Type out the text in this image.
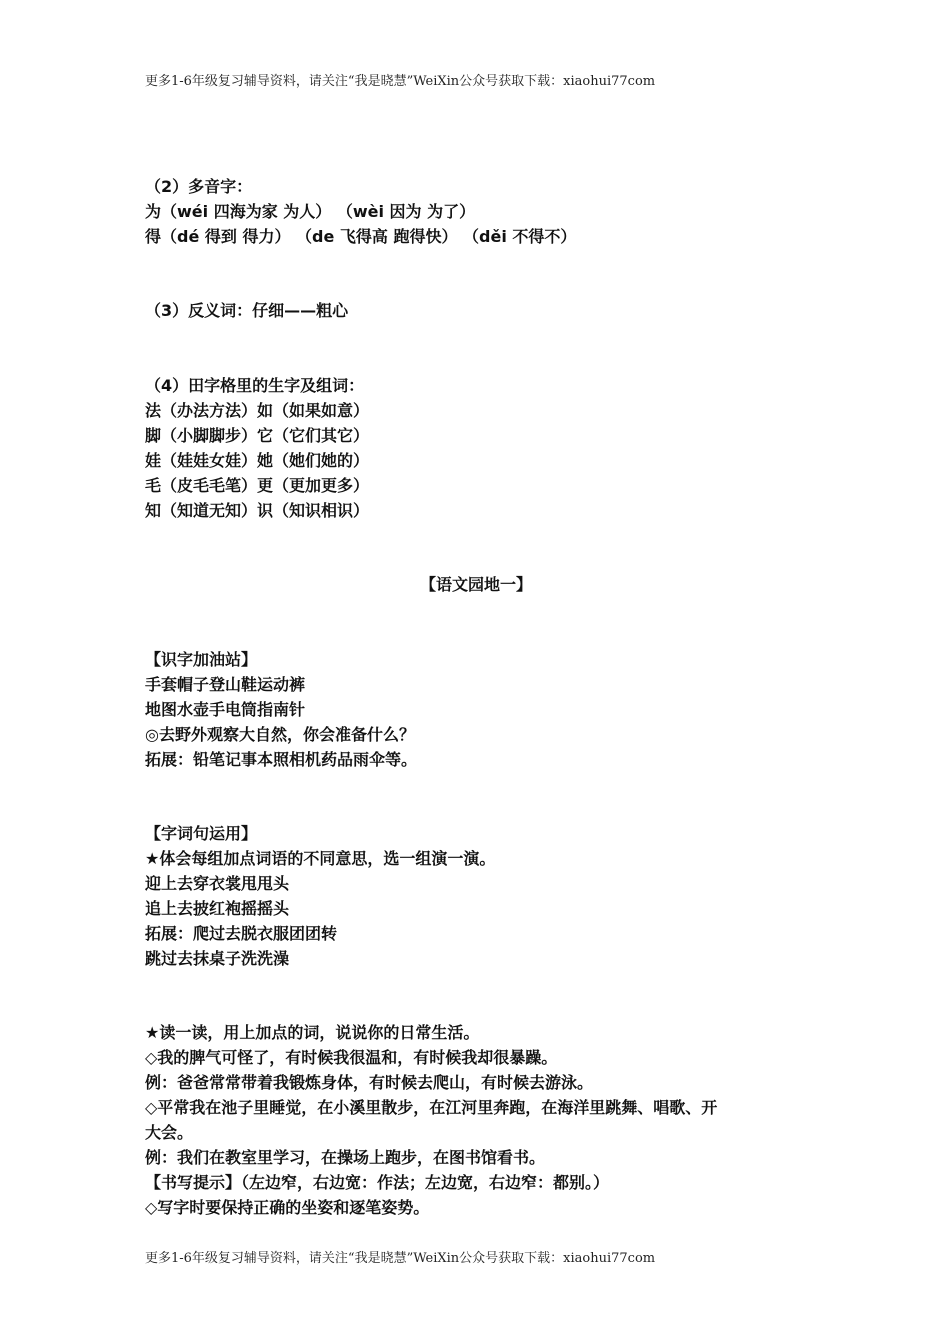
更多1-6年级复习辅导资料，请关注“我是晓慧”WeiXin公众号获取下载：xiaohui77com
（2）多音字：
为（wéi 四海为家 为人） （wèi 因为 为了）
得（dé 得到 得力） （de 飞得高 跑得快） （děi 不得不）
（3）反义词：仔细——粗心
（4）田字格里的生字及组词：
法（办法方法）如（如果如意）
脚（小脚脚步）它（它们其它）
娃（娃娃女娃）她（她们她的）
毛（皮毛毛笔）更（更加更多）
知（知道无知）识（知识相识）
【语文园地一】
【识字加油站】
手套帽子登山鞋运动裤
地图水壶手电筒指南针
◎去野外观察大自然，你会准备什么？
拓展：铅笔记事本照相机药品雨伞等。
【字词句运用】
★体会每组加点词语的不同意思，选一组演一演。
迎上去穿衣裳甩甩头
追上去披红袍摇摇头
拓展：爬过去脱衣服团团转
跳过去抹桌子洗洗澡
★读一读，用上加点的词，说说你的日常生活。
◇我的脾气可怪了，有时候我很温和，有时候我却很暴躁。
例：爸爸常常带着我锻炼身体，有时候去爬山，有时候去游泳。
◇平常我在池子里睡觉，在小溪里散步，在江河里奔跑，在海洋里跳舞、唱歌、开
大会。
例：我们在教室里学习，在操场上跑步，在图书馆看书。
【书写提示】（左边窄，右边宽：作法；左边宽，右边窄：都别。）
◇写字时要保持正确的坐姿和逐笔姿势。
更多1-6年级复习辅导资料，请关注“我是晓慧”WeiXin公众号获取下载：xiaohui77com
